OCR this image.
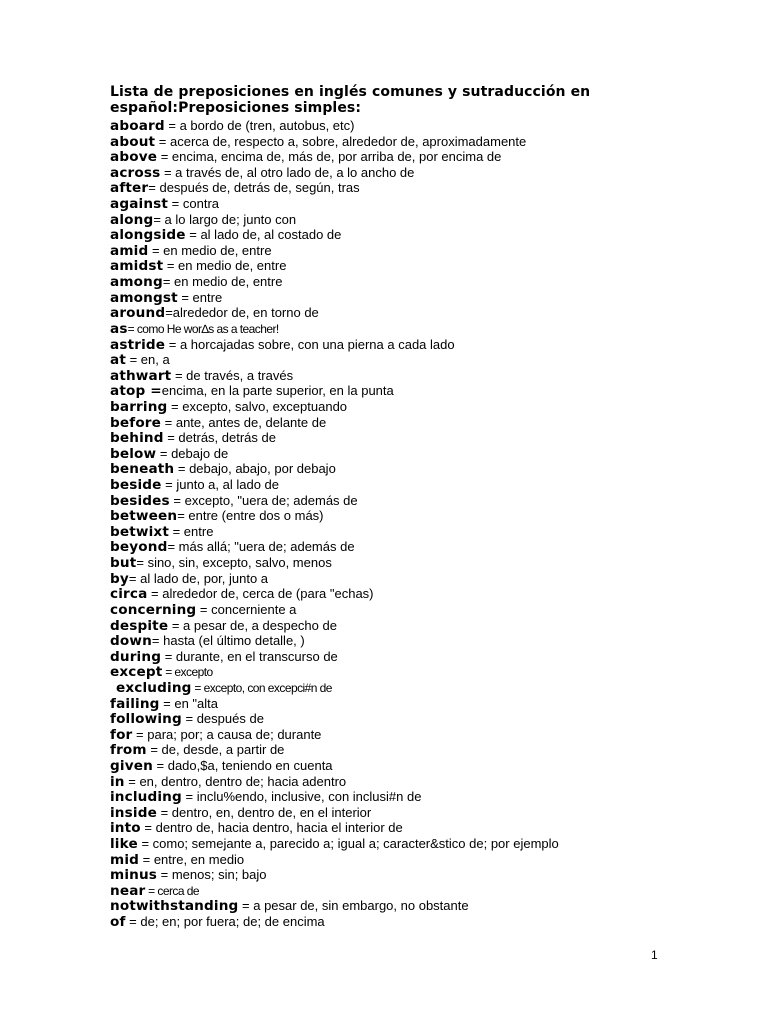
Lista de preposiciones en inglés comunes y sutraducción en
español:Preposiciones simples:
aboard = a bordo de (tren, autobus, etc)
about = acerca de, respecto a, sobre, alrededor de, aproximadamente
above = encima, encima de, más de, por arriba de, por encima de
across = a través de, al otro lado de, a lo ancho de
after= después de, detrás de, según, tras
against = contra
along= a lo largo de; junto con
alongside = al lado de, al costado de
amid = en medio de, entre
amidst = en medio de, entre
among= en medio de, entre
amongst = entre
around=alrededor de, en torno de
as= como He wor∆s as a teacher!
astride = a horcajadas sobre, con una pierna a cada lado
at = en, a
athwart = de través, a través
atop =encima, en la parte superior, en la punta
barring = excepto, salvo, exceptuando
before = ante, antes de, delante de
behind = detrás, detrás de
below = debajo de
beneath = debajo, abajo, por debajo
beside = junto a, al lado de
besides = excepto, "uera de; además de
between= entre (entre dos o más)
betwixt = entre
beyond= más allá; "uera de; además de
but= sino, sin, excepto, salvo, menos
by= al lado de, por, junto a
circa = alrededor de, cerca de (para "echas)
concerning = concerniente a
despite = a pesar de, a despecho de
down= hasta (el último detalle, )
during = durante, en el transcurso de
except = excepto
excluding = excepto, con excepci#n de
failing = en "alta
following = después de
for = para; por; a causa de; durante
from = de, desde, a partir de
given = dado,$a, teniendo en cuenta
in = en, dentro, dentro de; hacia adentro
including = inclu%endo, inclusive, con inclusi#n de
inside = dentro, en, dentro de, en el interior
into = dentro de, hacia dentro, hacia el interior de
like = como; semejante a, parecido a; igual a; caracter&stico de; por ejemplo
mid = entre, en medio
minus = menos; sin; bajo
near = cerca de
notwithstanding = a pesar de, sin embargo, no obstante
of = de; en; por fuera; de; de encima
1
